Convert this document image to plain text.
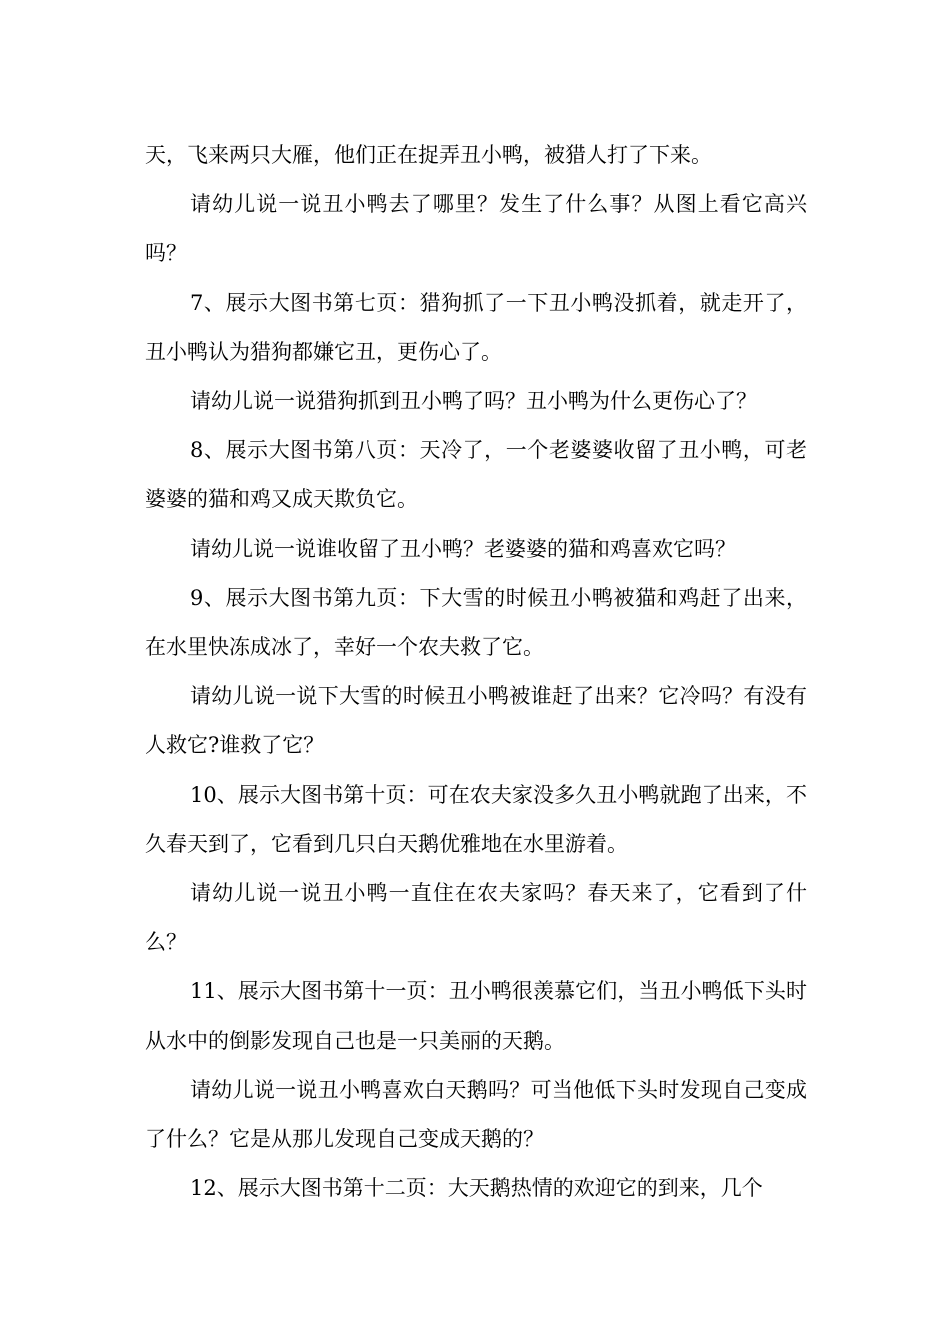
天，飞来两只大雁，他们正在捉弄丑小鸭，被猎人打了下来。

请幼儿说一说丑小鸭去了哪里？发生了什么事？从图上看它高兴吗？

7、展示大图书第七页：猎狗抓了一下丑小鸭没抓着，就走开了，丑小鸭认为猎狗都嫌它丑，更伤心了。

请幼儿说一说猎狗抓到丑小鸭了吗？丑小鸭为什么更伤心了？

8、展示大图书第八页：天冷了，一个老婆婆收留了丑小鸭，可老婆婆的猫和鸡又成天欺负它。

请幼儿说一说谁收留了丑小鸭？老婆婆的猫和鸡喜欢它吗？

9、展示大图书第九页：下大雪的时候丑小鸭被猫和鸡赶了出来，在水里快冻成冰了，幸好一个农夫救了它。

请幼儿说一说下大雪的时候丑小鸭被谁赶了出来？它冷吗？有没有人救它?谁救了它？

10、展示大图书第十页：可在农夫家没多久丑小鸭就跑了出来，不久春天到了，它看到几只白天鹅优雅地在水里游着。

请幼儿说一说丑小鸭一直住在农夫家吗？春天来了，它看到了什么？

11、展示大图书第十一页：丑小鸭很羡慕它们，当丑小鸭低下头时从水中的倒影发现自己也是一只美丽的天鹅。

请幼儿说一说丑小鸭喜欢白天鹅吗？可当他低下头时发现自己变成了什么？它是从那儿发现自己变成天鹅的？

12、展示大图书第十二页：大天鹅热情的欢迎它的到来，几个
